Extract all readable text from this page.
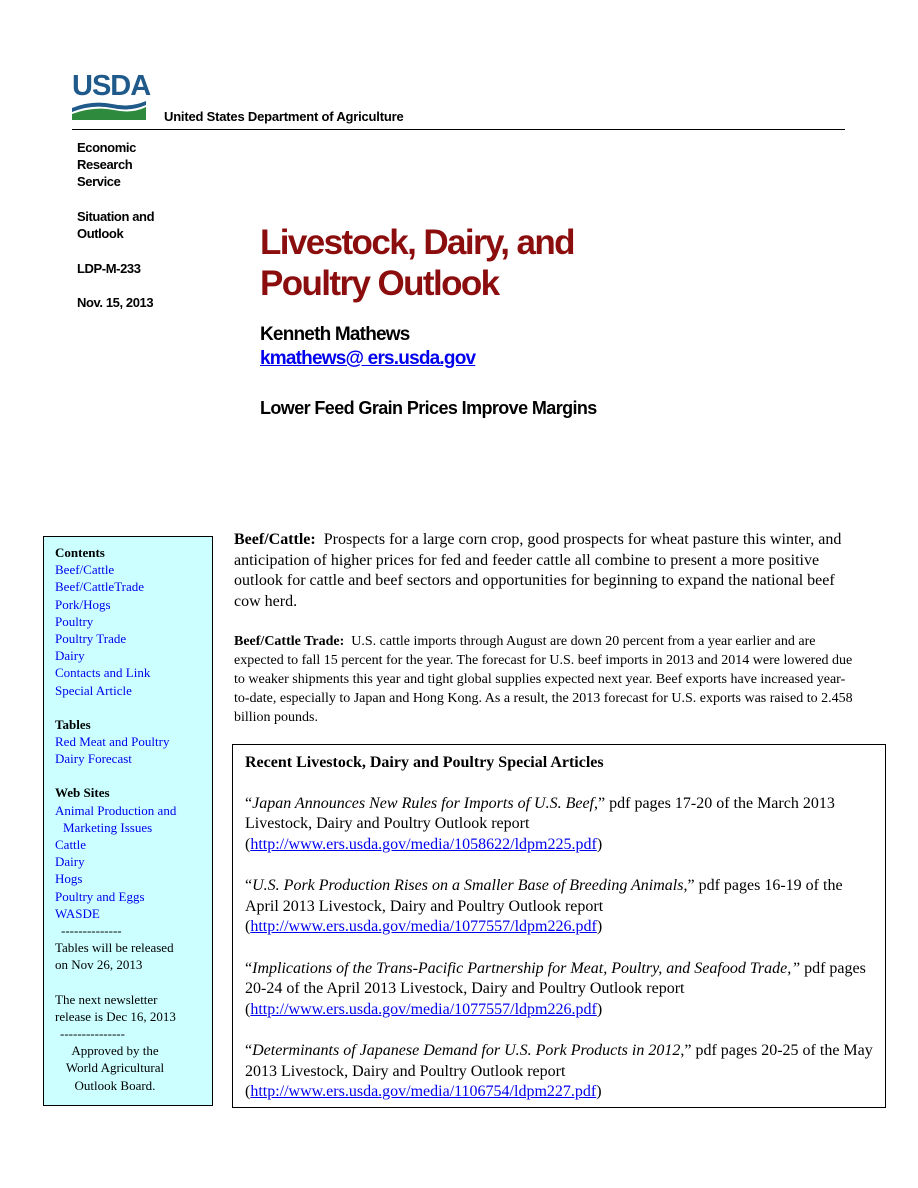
USDA
United States Department of Agriculture
Economic
Research
Service
Situation and
Outlook
LDP-M-233
Nov. 15, 2013
Livestock, Dairy, and
Poultry Outlook
Kenneth Mathews
kmathews@ ers.usda.gov
Lower Feed Grain Prices Improve Margins
Contents
Beef/Cattle
Beef/CattleTrade
Pork/Hogs
Poultry
Poultry Trade
Dairy
Contacts and Link
Special Article
Tables
Red Meat and Poultry
Dairy Forecast
Web Sites
Animal Production and
Marketing Issues
Cattle
Dairy
Hogs
Poultry and Eggs
WASDE
--------------
Tables will be released
on Nov 26, 2013
The next newsletter
release is Dec 16, 2013
---------------
Approved by the
World Agricultural
Outlook Board.
Beef/Cattle: Prospects for a large corn crop, good prospects for wheat pasture this winter, and anticipation of higher prices for fed and feeder cattle all combine to present a more positive outlook for cattle and beef sectors and opportunities for beginning to expand the national beef cow herd.
Beef/Cattle Trade: U.S. cattle imports through August are down 20 percent from a year earlier and are expected to fall 15 percent for the year. The forecast for U.S. beef imports in 2013 and 2014 were lowered due to weaker shipments this year and tight global supplies expected next year. Beef exports have increased year-to-date, especially to Japan and Hong Kong. As a result, the 2013 forecast for U.S. exports was raised to 2.458 billion pounds.
Recent Livestock, Dairy and Poultry Special Articles
“Japan Announces New Rules for Imports of U.S. Beef,” pdf pages 17-20 of the March 2013 Livestock, Dairy and Poultry Outlook report
(http://www.ers.usda.gov/media/1058622/ldpm225.pdf)
“U.S. Pork Production Rises on a Smaller Base of Breeding Animals,” pdf pages 16-19 of the April 2013 Livestock, Dairy and Poultry Outlook report
(http://www.ers.usda.gov/media/1077557/ldpm226.pdf)
“Implications of the Trans-Pacific Partnership for Meat, Poultry, and Seafood Trade,” pdf pages 20-24 of the April 2013 Livestock, Dairy and Poultry Outlook report
(http://www.ers.usda.gov/media/1077557/ldpm226.pdf)
“Determinants of Japanese Demand for U.S. Pork Products in 2012,” pdf pages 20-25 of the May 2013 Livestock, Dairy and Poultry Outlook report
(http://www.ers.usda.gov/media/1106754/ldpm227.pdf)
